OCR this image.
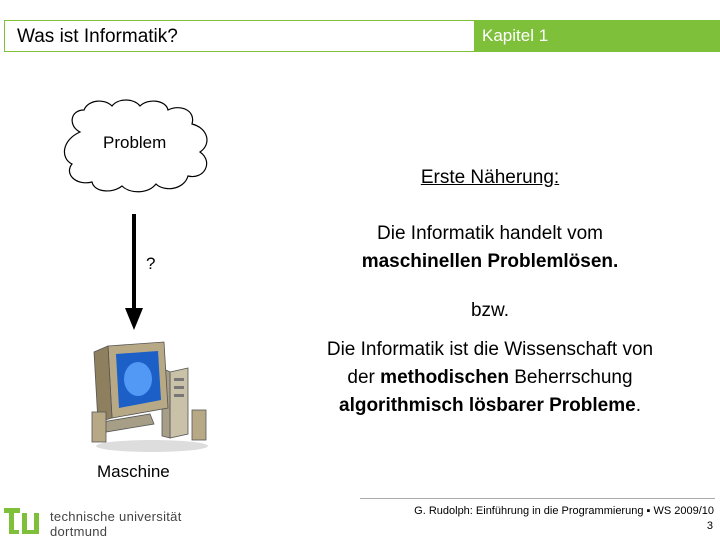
Was ist Informatik?	Kapitel 1
Problem
?
Maschine
Erste Näherung:
Die Informatik handelt vom
maschinellen Problemlösen.
bzw.
Die Informatik ist die Wissenschaft von
der methodischen Beherrschung
algorithmisch lösbarer Probleme.
technische universität
dortmund
G. Rudolph: Einführung in die Programmierung ▪ WS 2009/10
3
